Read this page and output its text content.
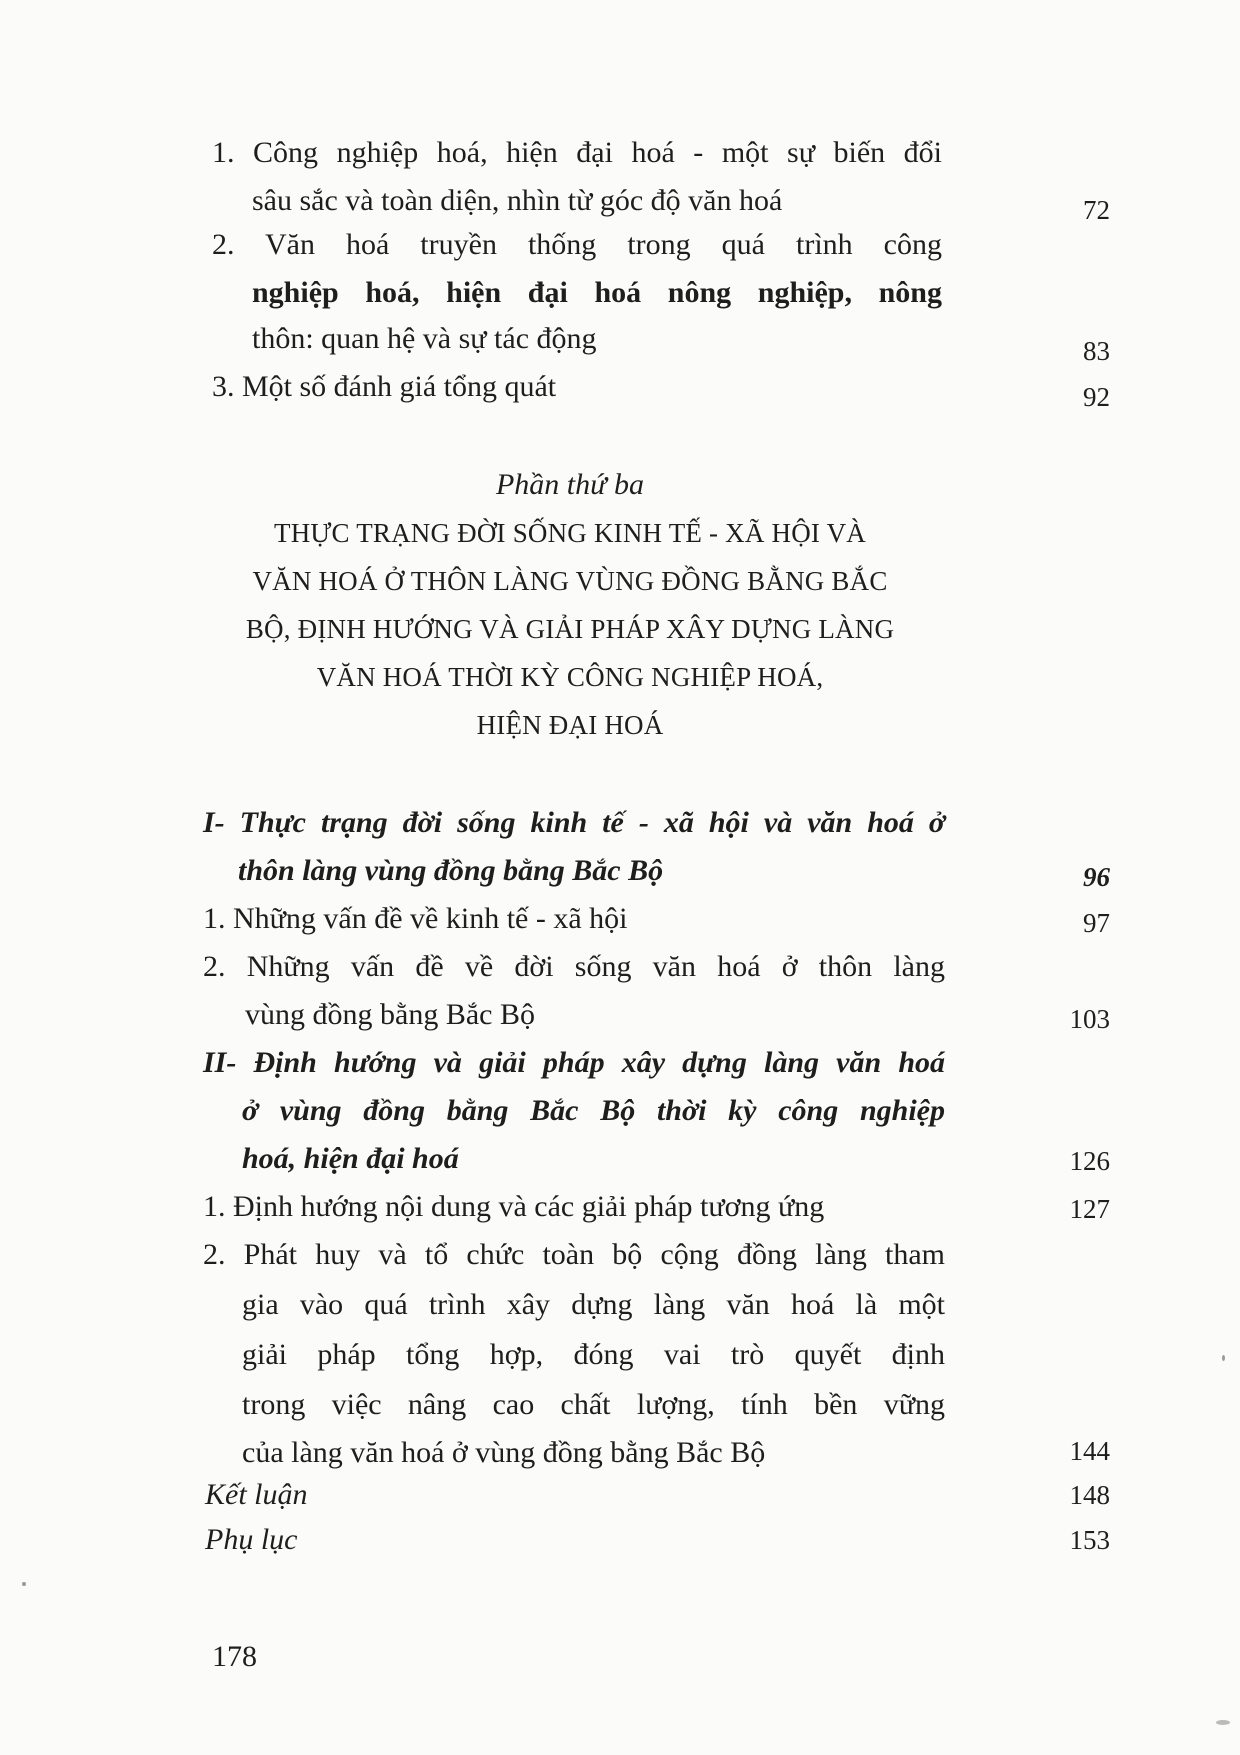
1. Công nghiệp hoá, hiện đại hoá - một sự biến đổi
sâu sắc và toàn diện, nhìn từ góc độ văn hoá	72
2. Văn hoá truyền thống trong quá trình công
nghiệp hoá, hiện đại hoá nông nghiệp, nông
thôn: quan hệ và sự tác động	83
3. Một số đánh giá tổng quát	92
Phần thứ ba
THỰC TRẠNG ĐỜI SỐNG KINH TẾ - XÃ HỘI VÀ
VĂN HOÁ Ở THÔN LÀNG VÙNG ĐỒNG BẰNG BẮC
BỘ, ĐỊNH HƯỚNG VÀ GIẢI PHÁP XÂY DỰNG LÀNG
VĂN HOÁ THỜI KỲ CÔNG NGHIỆP HOÁ,
HIỆN ĐẠI HOÁ
I- Thực trạng đời sống kinh tế - xã hội và văn hoá ở
thôn làng vùng đồng bằng Bắc Bộ	96
1. Những vấn đề về kinh tế - xã hội	97
2. Những vấn đề về đời sống văn hoá ở thôn làng
vùng đồng bằng Bắc Bộ	103
II- Định hướng và giải pháp xây dựng làng văn hoá
ở vùng đồng bằng Bắc Bộ thời kỳ công nghiệp
hoá, hiện đại hoá	126
1. Định hướng nội dung và các giải pháp tương ứng	127
2. Phát huy và tổ chức toàn bộ cộng đồng làng tham
gia vào quá trình xây dựng làng văn hoá là một
giải pháp tổng hợp, đóng vai trò quyết định
trong việc nâng cao chất lượng, tính bền vững
của làng văn hoá ở vùng đồng bằng Bắc Bộ	144
Kết luận	148
Phụ lục	153
178
